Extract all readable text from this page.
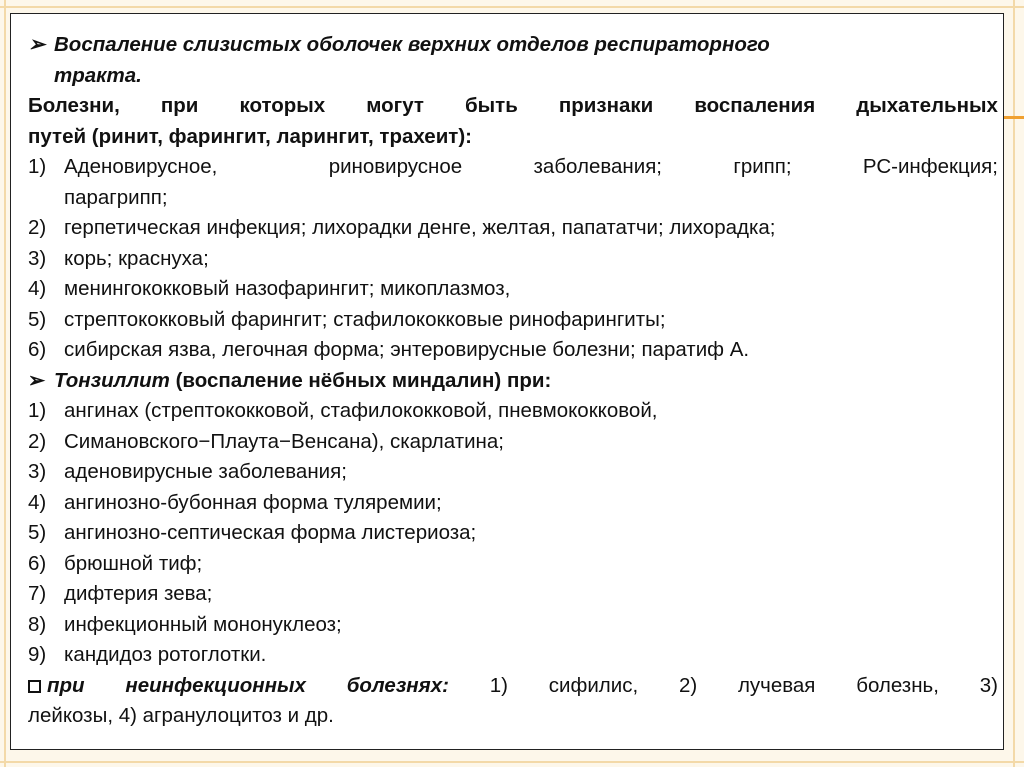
➢ Воспаление слизистых оболочек верхних отделов респираторного
тракта.
Болезни, при которых могут быть признаки воспаления дыхательных
путей (ринит, фарингит, ларингит, трахеит):
1) Аденовирусное,	риновирусное	заболевания;	грипп;	РС-инфекция;
парагрипп;
2) герпетическая инфекция; лихорадки денге, желтая, папататчи; лихорадка;
3) корь; краснуха;
4) менингококковый назофарингит; микоплазмоз,
5) стрептококковый фарингит; стафилококковые ринофарингиты;
6) сибирская язва, легочная форма; энтеровирусные болезни; паратиф А.
➢ Тонзиллит (воспаление нёбных миндалин) при:
1) ангинах (стрептококковой, стафилококковой, пневмококковой,
2) Симановского−Плаута−Венсана), скарлатина;
3) аденовирусные заболевания;
4) ангинозно-бубонная форма туляремии;
5) ангинозно-септическая форма листериоза;
6) брюшной тиф;
7) дифтерия зева;
8) инфекционный мононуклеоз;
9) кандидоз ротоглотки.
при неинфекционных болезнях: 1) сифилис, 2) лучевая болезнь, 3)
лейкозы, 4) агранулоцитоз и др.
